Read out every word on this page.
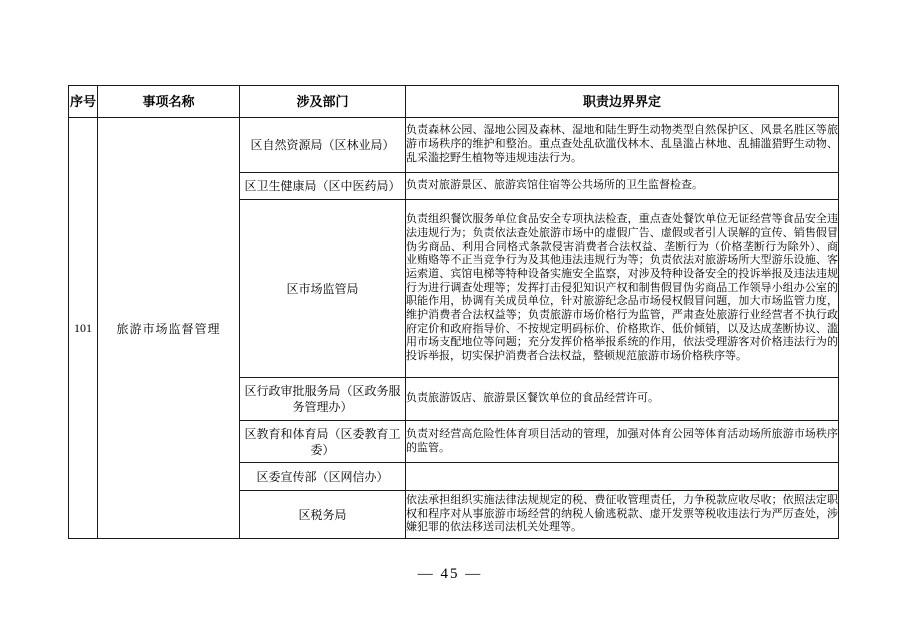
序号	事项名称	涉及部门	职责边界界定
101	旅游市场监督管理	区自然资源局（区林业局）	负责森林公园、湿地公园及森林、湿地和陆生野生动物类型自然保护区、风景名胜区等旅游市场秩序的维护和整治。重点查处乱砍滥伐林木、乱垦滥占林地、乱捕滥猎野生动物、乱采滥挖野生植物等违规违法行为。
		区卫生健康局（区中医药局）	负责对旅游景区、旅游宾馆住宿等公共场所的卫生监督检查。
		区市场监管局	负责组织餐饮服务单位食品安全专项执法检查，重点查处餐饮单位无证经营等食品安全违法违规行为；负责依法查处旅游市场中的虚假广告、虚假或者引人误解的宣传、销售假冒伪劣商品、利用合同格式条款侵害消费者合法权益、垄断行为（价格垄断行为除外）、商业贿赂等不正当竞争行为及其他违法违规行为等；负责依法对旅游场所大型游乐设施、客运索道、宾馆电梯等特种设备实施安全监察，对涉及特种设备安全的投诉举报及违法违规行为进行调查处理等；发挥打击侵犯知识产权和制售假冒伪劣商品工作领导小组办公室的职能作用，协调有关成员单位，针对旅游纪念品市场侵权假冒问题，加大市场监管力度，维护消费者合法权益等；负责旅游市场价格行为监管，严肃查处旅游行业经营者不执行政府定价和政府指导价、不按规定明码标价、价格欺诈、低价倾销，以及达成垄断协议、滥用市场支配地位等问题；充分发挥价格举报系统的作用，依法受理游客对价格违法行为的投诉举报，切实保护消费者合法权益，整顿规范旅游市场价格秩序等。
		区行政审批服务局（区政务服务管理办）	负责旅游饭店、旅游景区餐饮单位的食品经营许可。
		区教育和体育局（区委教育工委）	负责对经营高危险性体育项目活动的管理，加强对体育公园等体育活动场所旅游市场秩序的监管。
		区委宣传部（区网信办）	
		区税务局	依法承担组织实施法律法规规定的税、费征收管理责任，力争税款应收尽收；依照法定职权和程序对从事旅游市场经营的纳税人偷逃税款、虚开发票等税收违法行为严厉查处，涉嫌犯罪的依法移送司法机关处理等。
— 45 —
